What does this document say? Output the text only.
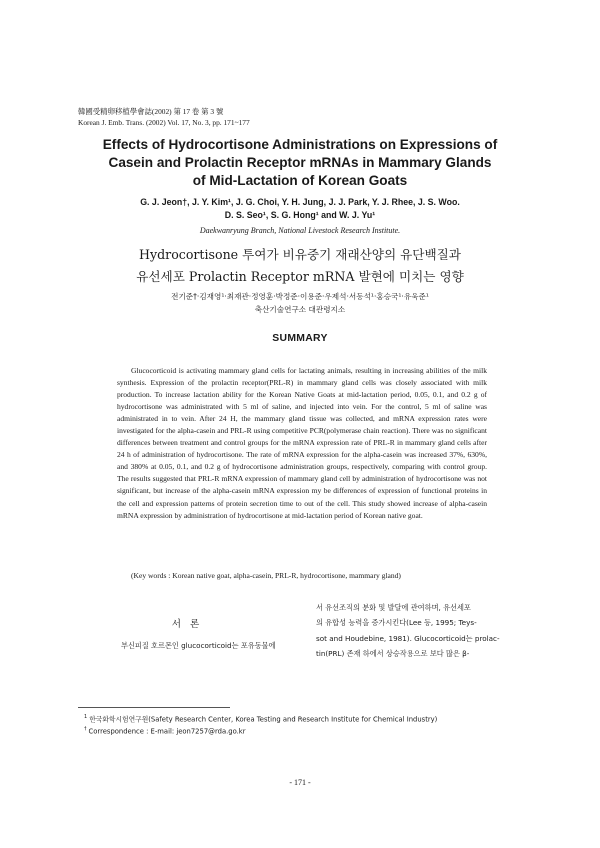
韓國受精卵移植學會誌(2002) 第 17 卷 第 3 號
Korean J. Emb. Trans. (2002) Vol. 17, No. 3, pp. 171~177
Effects of Hydrocortisone Administrations on Expressions of
Casein and Prolactin Receptor mRNAs in Mammary Glands
of Mid-Lactation of Korean Goats
G. J. Jeon†, J. Y. Kim¹, J. G. Choi, Y. H. Jung, J. J. Park, Y. J. Rhee, J. S. Woo.
D. S. Seo¹, S. G. Hong¹ and W. J. Yu¹
Daekwanryung Branch, National Livestock Research Institute.
Hydrocortisone 투여가 비유중기 재래산양의 유단백질과
유선세포 Prolactin Receptor mRNA 발현에 미치는 영향
전기준†·김재영¹·최재관·정영훈·박정준·이용준·우제석·서동석¹·홍승국¹·유욱준¹
축산기술연구소 대관령지소
SUMMARY

Glucocorticoid is activating mammary gland cells for lactating animals, resulting in increasing abilities of the milk synthesis. Expression of the prolactin receptor(PRL-R) in mammary gland cells was closely associated with milk production. To increase lactation ability for the Korean Native Goats at mid-lactation period, 0.05, 0.1, and 0.2 g of hydrocortisone was administrated with 5 ml of saline, and injected into vein. For the control, 5 ml of saline was administrated in to vein. After 24 H, the mammary gland tissue was collected, and mRNA expression rates were investigated for the alpha-casein and PRL-R using competitive PCR(polymerase chain reaction). There was no significant differences between treatment and control groups for the mRNA expression rate of PRL-R in mammary gland cells after 24 h of administration of hydrocortisone. The rate of mRNA expression for the alpha-casein was increased 37%, 630%, and 380% at 0.05, 0.1, and 0.2 g of hydrocortisone administration groups, respectively, comparing with control group. The results suggested that PRL-R mRNA expression of mammary gland cell by administration of hydrocortisone was not significant, but increase of the alpha-casein mRNA expression my be differences of expression of functional proteins in the cell and expression patterns of protein secretion time to out of the cell. This study showed increase of alpha-casein mRNA expression by administration of hydrocortisone at mid-lactation period of Korean native goat.

(Key words : Korean native goat, alpha-casein, PRL-R, hydrocortisone, mammary gland)
서 론

부신피질 호르몬인 glucocorticoid는 포유동물에

서 유선조직의 분화 및 발달에 관여하며, 유선세포
의 유합성 능력을 증가시킨다(Lee 등, 1995; Teys-
sot and Houdebine, 1981). Glucocorticoid는 prolac-
tin(PRL) 존재 하에서 상승작용으로 보다 많은 β-
$^1$ 한국화학시험연구원(Safety Research Center, Korea Testing and Research Institute for Chemical Industry)
† Correspondence : E-mail: jeon7257@rda.go.kr
- 171 -
